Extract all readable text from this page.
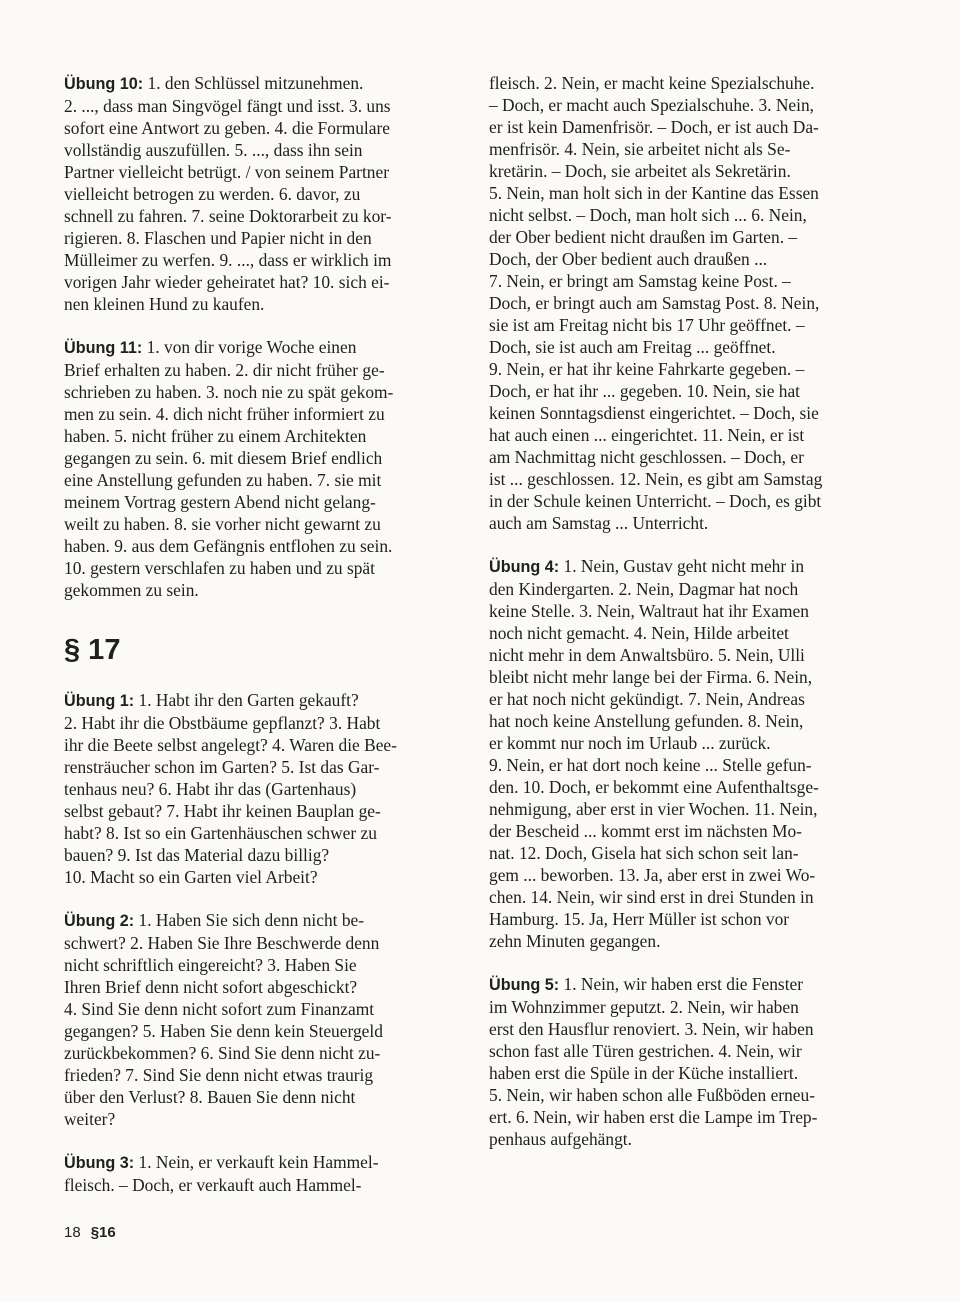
Übung 10: 1. den Schlüssel mitzunehmen.
2. ..., dass man Singvögel fängt und isst. 3. uns
sofort eine Antwort zu geben. 4. die Formulare
vollständig auszufüllen. 5. ..., dass ihn sein
Partner vielleicht betrügt. / von seinem Partner
vielleicht betrogen zu werden. 6. davor, zu
schnell zu fahren. 7. seine Doktorarbeit zu kor-
rigieren. 8. Flaschen und Papier nicht in den
Mülleimer zu werfen. 9. ..., dass er wirklich im
vorigen Jahr wieder geheiratet hat? 10. sich ei-
nen kleinen Hund zu kaufen.

Übung 11: 1. von dir vorige Woche einen
Brief erhalten zu haben. 2. dir nicht früher ge-
schrieben zu haben. 3. noch nie zu spät gekom-
men zu sein. 4. dich nicht früher informiert zu
haben. 5. nicht früher zu einem Architekten
gegangen zu sein. 6. mit diesem Brief endlich
eine Anstellung gefunden zu haben. 7. sie mit
meinem Vortrag gestern Abend nicht gelang-
weilt zu haben. 8. sie vorher nicht gewarnt zu
haben. 9. aus dem Gefängnis entflohen zu sein.
10. gestern verschlafen zu haben und zu spät
gekommen zu sein.

§ 17

Übung 1: 1. Habt ihr den Garten gekauft?
2. Habt ihr die Obstbäume gepflanzt? 3. Habt
ihr die Beete selbst angelegt? 4. Waren die Bee-
rensträucher schon im Garten? 5. Ist das Gar-
tenhaus neu? 6. Habt ihr das (Gartenhaus)
selbst gebaut? 7. Habt ihr keinen Bauplan ge-
habt? 8. Ist so ein Gartenhäuschen schwer zu
bauen? 9. Ist das Material dazu billig?
10. Macht so ein Garten viel Arbeit?

Übung 2: 1. Haben Sie sich denn nicht be-
schwert? 2. Haben Sie Ihre Beschwerde denn
nicht schriftlich eingereicht? 3. Haben Sie
Ihren Brief denn nicht sofort abgeschickt?
4. Sind Sie denn nicht sofort zum Finanzamt
gegangen? 5. Haben Sie denn kein Steuergeld
zurückbekommen? 6. Sind Sie denn nicht zu-
frieden? 7. Sind Sie denn nicht etwas traurig
über den Verlust? 8. Bauen Sie denn nicht
weiter?

Übung 3: 1. Nein, er verkauft kein Hammel-
fleisch. – Doch, er verkauft auch Hammel-

fleisch. 2. Nein, er macht keine Spezialschuhe.
– Doch, er macht auch Spezialschuhe. 3. Nein,
er ist kein Damenfrisör. – Doch, er ist auch Da-
menfrisör. 4. Nein, sie arbeitet nicht als Se-
kretärin. – Doch, sie arbeitet als Sekretärin.
5. Nein, man holt sich in der Kantine das Essen
nicht selbst. – Doch, man holt sich ... 6. Nein,
der Ober bedient nicht draußen im Garten. –
Doch, der Ober bedient auch draußen ...
7. Nein, er bringt am Samstag keine Post. –
Doch, er bringt auch am Samstag Post. 8. Nein,
sie ist am Freitag nicht bis 17 Uhr geöffnet. –
Doch, sie ist auch am Freitag ... geöffnet.
9. Nein, er hat ihr keine Fahrkarte gegeben. –
Doch, er hat ihr ... gegeben. 10. Nein, sie hat
keinen Sonntagsdienst eingerichtet. – Doch, sie
hat auch einen ... eingerichtet. 11. Nein, er ist
am Nachmittag nicht geschlossen. – Doch, er
ist ... geschlossen. 12. Nein, es gibt am Samstag
in der Schule keinen Unterricht. – Doch, es gibt
auch am Samstag ... Unterricht.

Übung 4: 1. Nein, Gustav geht nicht mehr in
den Kindergarten. 2. Nein, Dagmar hat noch
keine Stelle. 3. Nein, Waltraut hat ihr Examen
noch nicht gemacht. 4. Nein, Hilde arbeitet
nicht mehr in dem Anwaltsbüro. 5. Nein, Ulli
bleibt nicht mehr lange bei der Firma. 6. Nein,
er hat noch nicht gekündigt. 7. Nein, Andreas
hat noch keine Anstellung gefunden. 8. Nein,
er kommt nur noch im Urlaub ... zurück.
9. Nein, er hat dort noch keine ... Stelle gefun-
den. 10. Doch, er bekommt eine Aufenthaltsge-
nehmigung, aber erst in vier Wochen. 11. Nein,
der Bescheid ... kommt erst im nächsten Mo-
nat. 12. Doch, Gisela hat sich schon seit lan-
gem ... beworben. 13. Ja, aber erst in zwei Wo-
chen. 14. Nein, wir sind erst in drei Stunden in
Hamburg. 15. Ja, Herr Müller ist schon vor
zehn Minuten gegangen.

Übung 5: 1. Nein, wir haben erst die Fenster
im Wohnzimmer geputzt. 2. Nein, wir haben
erst den Hausflur renoviert. 3. Nein, wir haben
schon fast alle Türen gestrichen. 4. Nein, wir
haben erst die Spüle in der Küche installiert.
5. Nein, wir haben schon alle Fußböden erneu-
ert. 6. Nein, wir haben erst die Lampe im Trep-
penhaus aufgehängt.

18 §16
